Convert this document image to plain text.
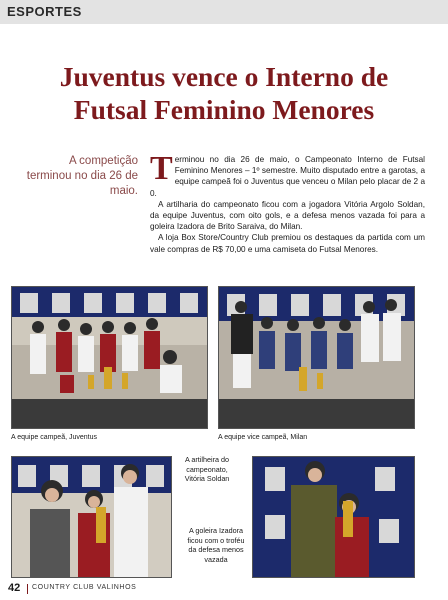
ESPORTES
Juventus vence o Interno de
Futsal Feminino Menores
A competição terminou no dia 26 de maio.

Terminou no dia 26 de maio, o Campeonato Interno de Futsal Feminino Menores – 1º semestre. Muito disputado entre a garotas, a equipe campeã foi o Juventus que venceu o Milan pelo placar de 2 a 0.

A artilharia do campeonato ficou com a jogadora Vitória Argolo Soldan, da equipe Juventus, com oito gols, e a defesa menos vazada foi para a goleira Izadora de Brito Saraiva, do Milan.

A loja Box Store/Country Club premiou os destaques da partida com um vale compras de R$ 70,00 e uma camiseta do Futsal Menores.

A equipe campeã, Juventus	A equipe vice campeã, Milan
A artilheira do campeonato, Vitória Soldan
A goleira Izadora ficou com o troféu da defesa menos vazada
42 COUNTRY CLUB VALINHOS
